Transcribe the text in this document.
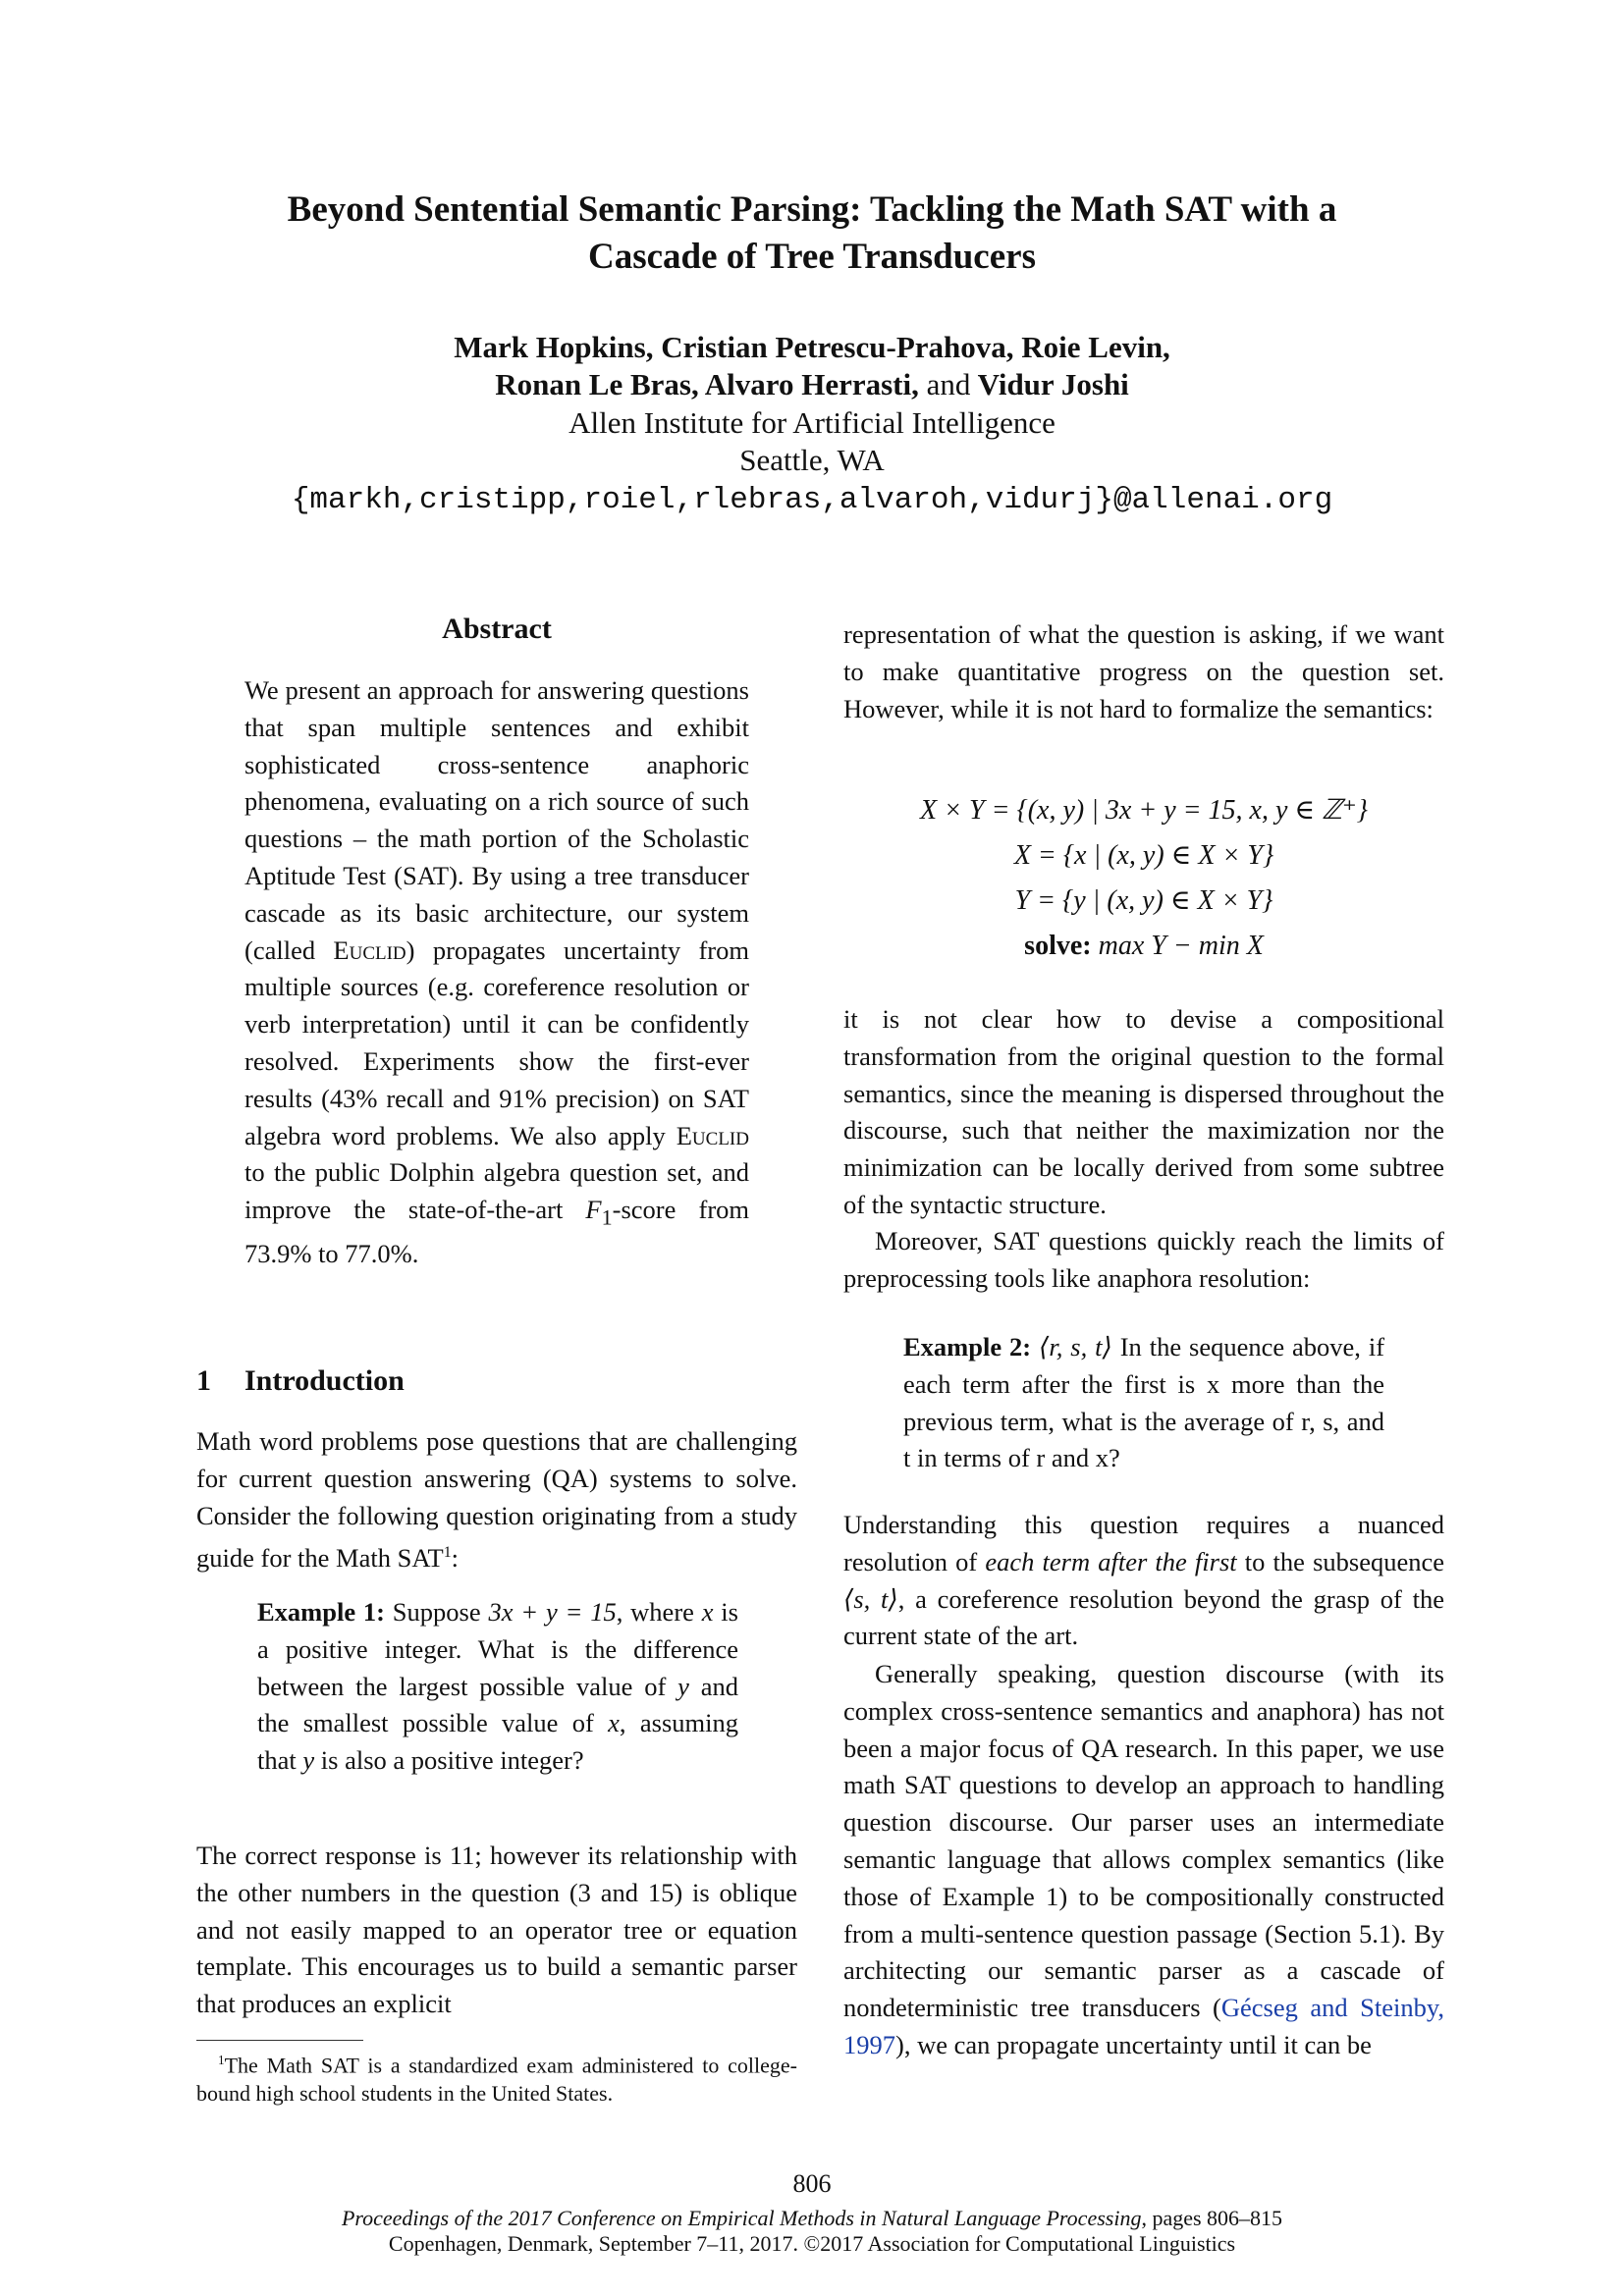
Beyond Sentential Semantic Parsing: Tackling the Math SAT with a
Cascade of Tree Transducers
Mark Hopkins, Cristian Petrescu-Prahova, Roie Levin,
Ronan Le Bras, Alvaro Herrasti, and Vidur Joshi
Allen Institute for Artificial Intelligence
Seattle, WA
{markh,cristipp,roiel,rlebras,alvaroh,vidurj}@allenai.org
Abstract
We present an approach for answering questions that span multiple sentences and exhibit sophisticated cross-sentence anaphoric phenomena, evaluating on a rich source of such questions – the math portion of the Scholastic Aptitude Test (SAT). By using a tree transducer cascade as its basic architecture, our system (called Euclid) propagates uncertainty from multiple sources (e.g. coreference resolution or verb interpretation) until it can be confidently resolved. Experiments show the first-ever results (43% recall and 91% precision) on SAT algebra word problems. We also apply Euclid to the public Dolphin algebra question set, and improve the state-of-the-art $F_1$-score from 73.9% to 77.0%.
1 Introduction
Math word problems pose questions that are challenging for current question answering (QA) systems to solve. Consider the following question originating from a study guide for the Math SAT$^1$:
Example 1: Suppose 3x + y = 15, where x is a positive integer. What is the difference between the largest possible value of y and the smallest possible value of x, assuming that y is also a positive integer?
The correct response is 11; however its relationship with the other numbers in the question (3 and 15) is oblique and not easily mapped to an operator tree or equation template. This encourages us to build a semantic parser that produces an explicit
$^1$The Math SAT is a standardized exam administered to college-bound high school students in the United States.
representation of what the question is asking, if we want to make quantitative progress on the question set. However, while it is not hard to formalize the semantics:
X × Y = {(x, y) | 3x + y = 15, x, y ∈ ℤ⁺}
X = {x | (x, y) ∈ X × Y}
Y = {y | (x, y) ∈ X × Y}
solve: max Y − min X
it is not clear how to devise a compositional transformation from the original question to the formal semantics, since the meaning is dispersed throughout the discourse, such that neither the maximization nor the minimization can be locally derived from some subtree of the syntactic structure.
Moreover, SAT questions quickly reach the limits of preprocessing tools like anaphora resolution:
Example 2: ⟨r, s, t⟩ In the sequence above, if each term after the first is x more than the previous term, what is the average of r, s, and t in terms of r and x?
Understanding this question requires a nuanced resolution of each term after the first to the subsequence ⟨s, t⟩, a coreference resolution beyond the grasp of the current state of the art.
Generally speaking, question discourse (with its complex cross-sentence semantics and anaphora) has not been a major focus of QA research. In this paper, we use math SAT questions to develop an approach to handling question discourse. Our parser uses an intermediate semantic language that allows complex semantics (like those of Example 1) to be compositionally constructed from a multi-sentence question passage (Section 5.1). By architecting our semantic parser as a cascade of nondeterministic tree transducers (Gécseg and Steinby, 1997), we can propagate uncertainty until it can be
806
Proceedings of the 2017 Conference on Empirical Methods in Natural Language Processing, pages 806–815
Copenhagen, Denmark, September 7–11, 2017. ©2017 Association for Computational Linguistics
